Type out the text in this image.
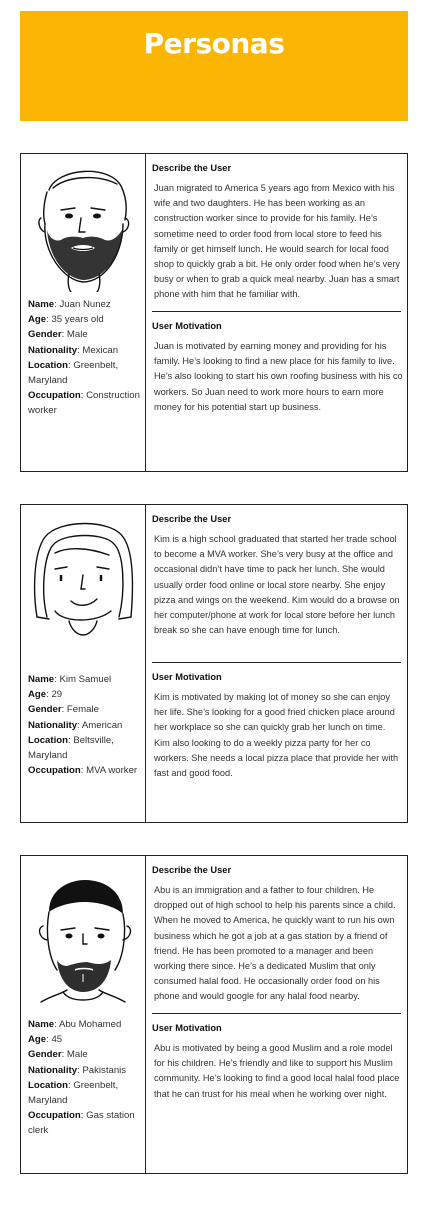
Personas
Name: Juan Nunez
Age: 35 years old
Gender: Male
Nationality: Mexican
Location: Greenbelt, Maryland
Occupation: Construction worker
Describe the User
Juan migrated to America 5 years ago from Mexico with his wife and two daughters. He has been working as an construction worker since to provide for his family. He’s sometime need to order food from local store to feed his family or get himself lunch. He would search for local food shop to quickly grab a bit. He only order food when he’s very busy or when to grab a quick meal nearby. Juan has a smart phone with him that he familiar with.
User Motivation
Juan is motivated by earning money and providing for his family. He’s looking to find a new place for his family to live. He’s also looking to start his own roofing business with his co workers. So Juan need to work more hours to earn more money for his potential start up business.
Name: Kim Samuel
Age: 29
Gender: Female
Nationality: American
Location: Beltsville, Maryland
Occupation: MVA worker
Describe the User
Kim is a high school graduated that started her trade school to become a MVA worker. She’s very busy at the office and occasional didn’t have time to pack her lunch. She would usually order food online or local store nearby. She enjoy pizza and wings on the weekend. Kim would do a browse on her computer/phone at work for local store before her lunch break so she can have enough time for lunch.
User Motivation
Kim is motivated by making lot of money so she can enjoy her life. She’s looking for a good fried chicken place around her workplace so she can quickly grab her lunch on time. Kim also looking to do a weekly pizza party for her co workers. She needs a local pizza place that provide her with fast and good food.
Name: Abu Mohamed
Age: 45
Gender: Male
Nationality: Pakistanis
Location: Greenbelt, Maryland
Occupation: Gas station clerk
Describe the User
Abu is an immigration and a father to four children. He dropped out of high school to help his parents since a child. When he moved to America, he quickly want to run his own business which he got a job at a gas station by a friend of friend. He has been promoted to a manager and been working there since. He’s a dedicated Muslim that only consumed halal food. He occasionally order food on his phone and would google for any halal food nearby.
User Motivation
Abu is motivated by being a good Muslim and a role model for his children. He’s friendly and like to support his Muslim community. He’s looking to find a good local halal food place that he can trust for his meal when he working over night.
